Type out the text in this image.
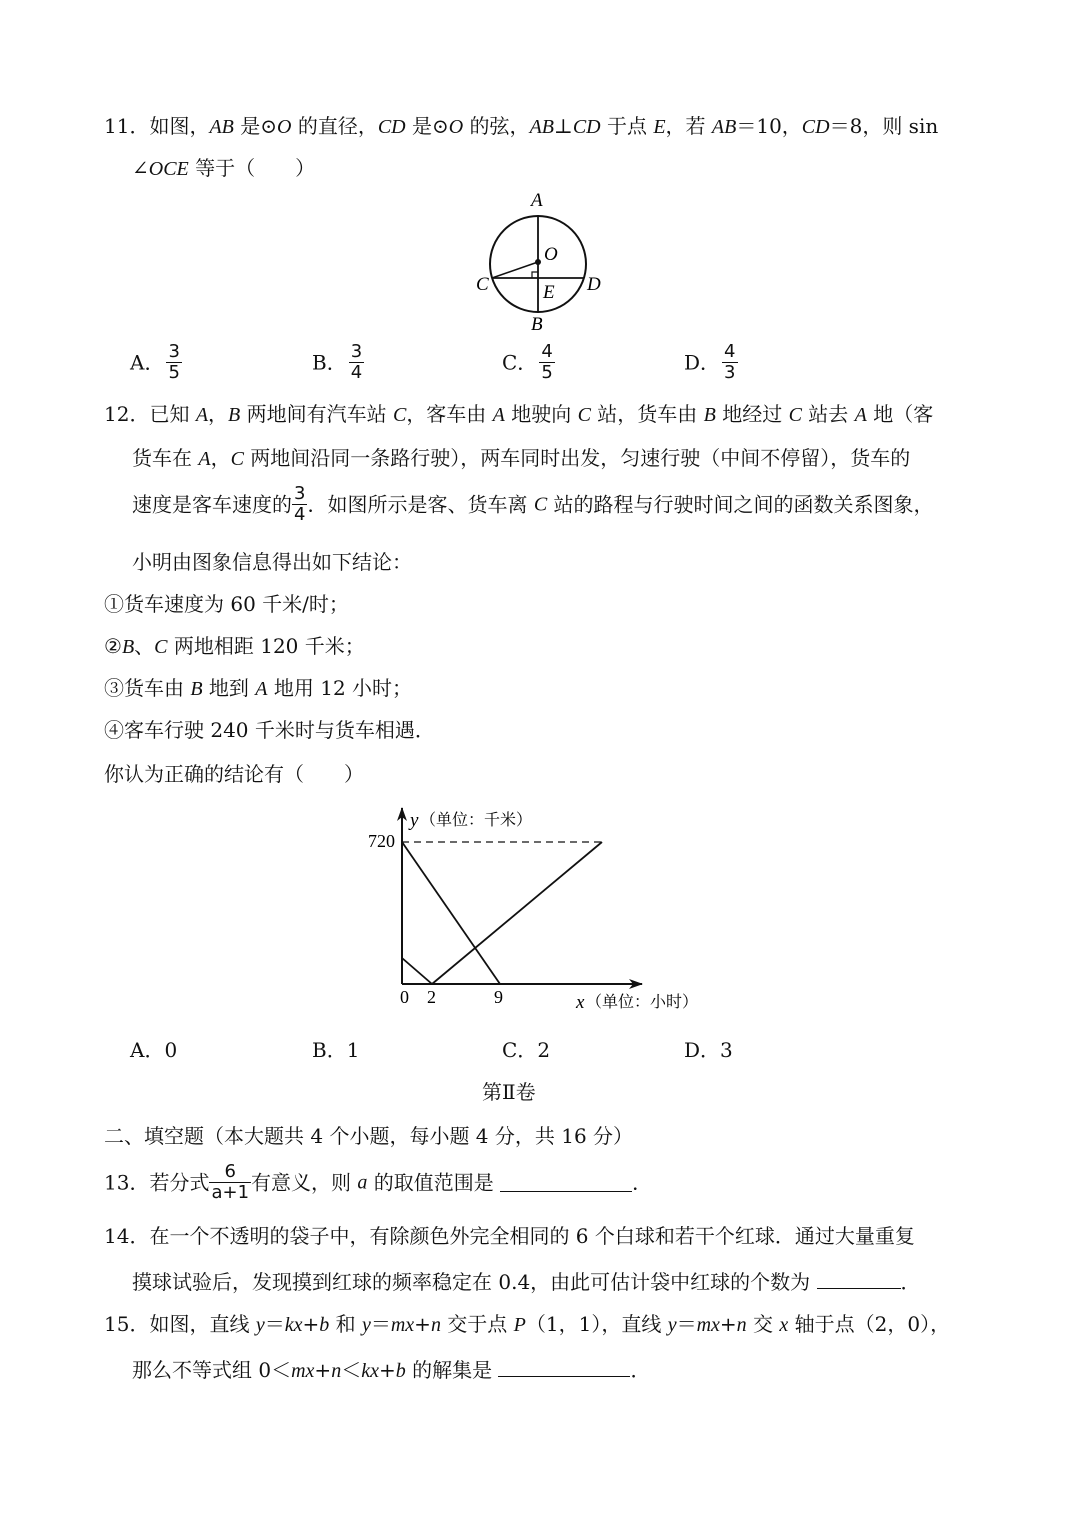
11．如图，AB 是⊙O 的直径，CD 是⊙O 的弦，AB⊥CD 于点 E，若 AB＝10，CD＝8，则 sin
∠OCE 等于（　　）
A
O
C	D
E
B
A． $\frac{3}{5}$	B． $\frac{3}{4}$	C． $\frac{4}{5}$	D． $\frac{4}{3}$
12．已知 A，B 两地间有汽车站 C，客车由 A 地驶向 C 站，货车由 B 地经过 C 站去 A 地（客
货车在 A，C 两地间沿同一条路行驶），两车同时出发，匀速行驶（中间不停留），货车的
速度是客车速度的 $\frac{3}{4}$ ．如图所示是客、货车离 C 站的路程与行驶时间之间的函数关系图象，
小明由图象信息得出如下结论：
①货车速度为 60 千米/时；
②B、C 两地相距 120 千米；
③货车由 B 地到 A 地用 12 小时；
④客车行驶 240 千米时与货车相遇．
你认为正确的结论有（　　）
y （单位：千米）
720
0 2	9	x （单位：小时）
A．0	B．1	C．2	D．3
第Ⅱ卷
二、填空题（本大题共 4 个小题，每小题 4 分，共 16 分）
13．若分式 $\frac{6}{a+1}$ 有意义，则 a 的取值范围是	．
14．在一个不透明的袋子中，有除颜色外完全相同的 6 个白球和若干个红球．通过大量重复
摸球试验后，发现摸到红球的频率稳定在 0.4，由此可估计袋中红球的个数为	．
15．如图，直线 y＝kx+b 和 y＝mx+n 交于点 P（1，1），直线 y＝mx+n 交 x 轴于点（2，0），
那么不等式组 0＜mx+n＜kx+b 的解集是	．
